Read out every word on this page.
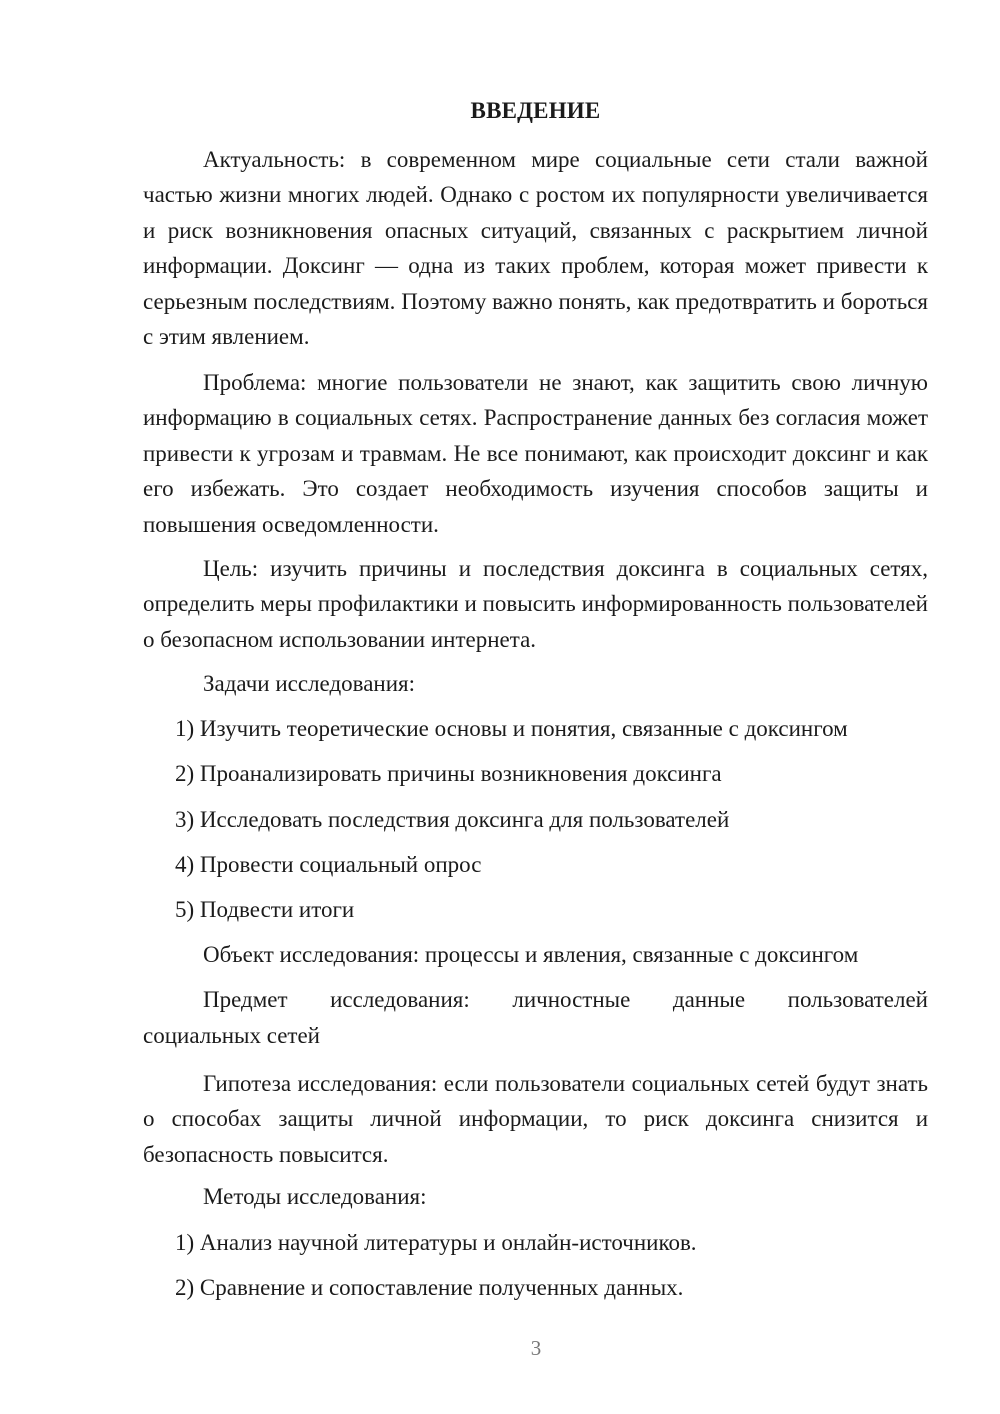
ВВЕДЕНИЕ

Актуальность: в современном мире социальные сети стали важной частью жизни многих людей. Однако с ростом их популярности увеличивается и риск возникновения опасных ситуаций, связанных с раскрытием личной информации. Доксинг — одна из таких проблем, которая может привести к серьезным последствиям. Поэтому важно понять, как предотвратить и бороться с этим явлением.

Проблема: многие пользователи не знают, как защитить свою личную информацию в социальных сетях. Распространение данных без согласия может привести к угрозам и травмам. Не все понимают, как происходит доксинг и как его избежать. Это создает необходимость изучения способов защиты и повышения осведомленности.

Цель: изучить причины и последствия доксинга в социальных сетях, определить меры профилактики и повысить информированность пользователей о безопасном использовании интернета.

Задачи исследования:

1) Изучить теоретические основы и понятия, связанные с доксингом

2) Проанализировать причины возникновения доксинга

3) Исследовать последствия доксинга для пользователей

4) Провести социальный опрос

5) Подвести итоги

Объект исследования: процессы и явления, связанные с доксингом

Предмет исследования: личностные данные пользователей

социальных сетей

Гипотеза исследования: если пользователи социальных сетей будут знать о способах защиты личной информации, то риск доксинга снизится и безопасность повысится.

Методы исследования:

1) Анализ научной литературы и онлайн-источников.

2) Сравнение и сопоставление полученных данных.

3
